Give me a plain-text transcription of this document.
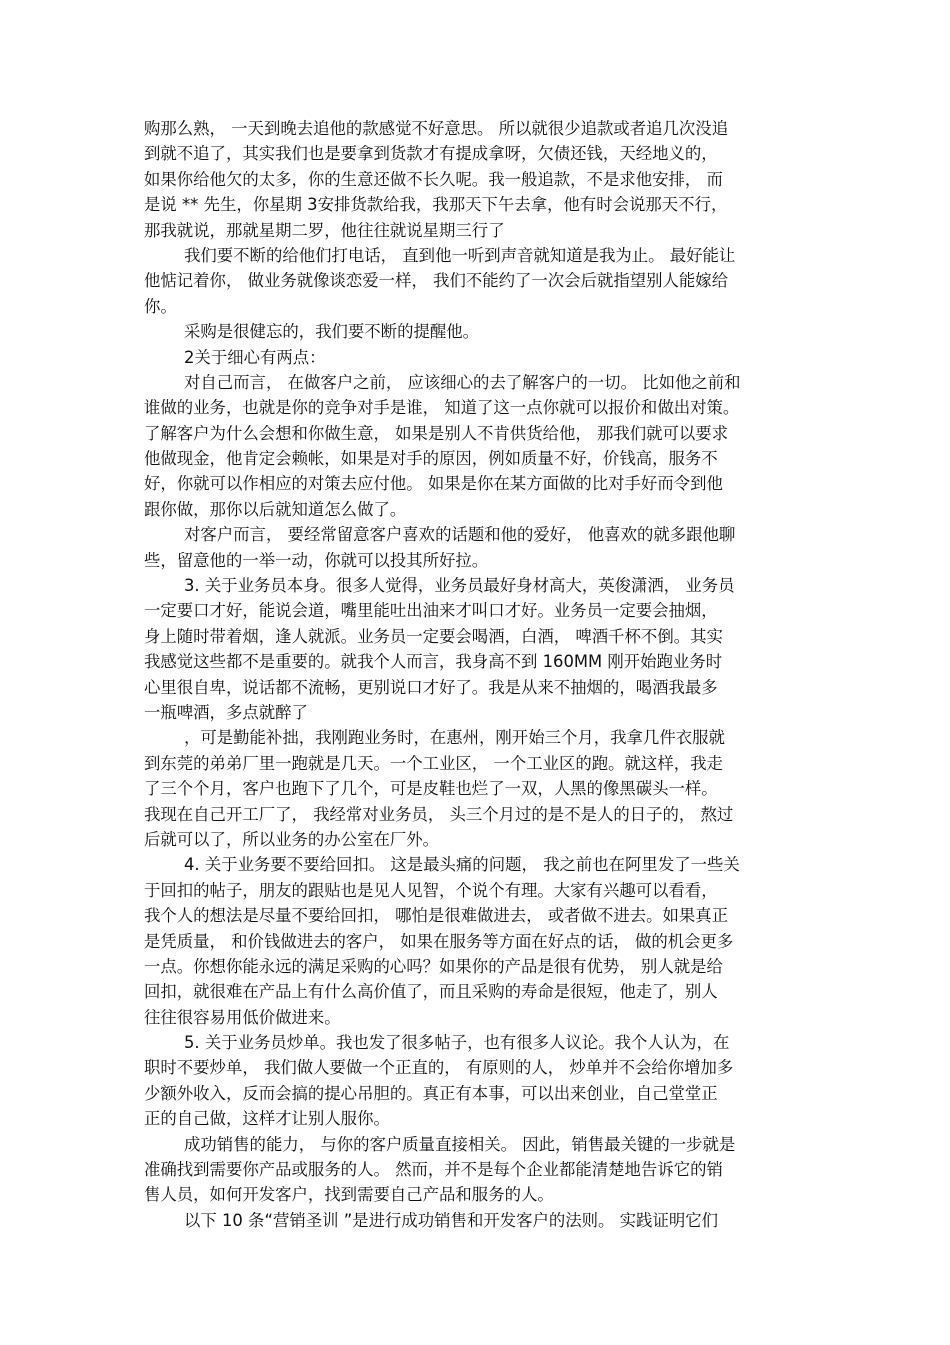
购那么熟， 一天到晚去追他的款感觉不好意思。 所以就很少追款或者追几次没追
到就不追了，其实我们也是要拿到货款才有提成拿呀，欠债还钱，天经地义的，
如果你给他欠的太多，你的生意还做不长久呢。我一般追款，不是求他安排， 而
是说 ** 先生，你星期 3安排货款给我，我那天下午去拿，他有时会说那天不行，
那我就说，那就星期二罗，他往往就说星期三行了
我们要不断的给他们打电话， 直到他一听到声音就知道是我为止。 最好能让
他惦记着你， 做业务就像谈恋爱一样， 我们不能约了一次会后就指望别人能嫁给
你。
采购是很健忘的，我们要不断的提醒他。
2关于细心有两点：
对自己而言， 在做客户之前， 应该细心的去了解客户的一切。 比如他之前和
谁做的业务，也就是你的竞争对手是谁， 知道了这一点你就可以报价和做出对策。
了解客户为什么会想和你做生意， 如果是别人不肯供货给他， 那我们就可以要求
他做现金，他肯定会赖帐，如果是对手的原因，例如质量不好，价钱高，服务不
好，你就可以作相应的对策去应付他。 如果是你在某方面做的比对手好而令到他
跟你做，那你以后就知道怎么做了。
对客户而言， 要经常留意客户喜欢的话题和他的爱好， 他喜欢的就多跟他聊
些，留意他的一举一动，你就可以投其所好拉。
3. 关于业务员本身。很多人觉得，业务员最好身材高大，英俊潇洒， 业务员
一定要口才好，能说会道，嘴里能吐出油来才叫口才好。业务员一定要会抽烟，
身上随时带着烟，逢人就派。业务员一定要会喝酒，白酒， 啤酒千杯不倒。其实
我感觉这些都不是重要的。就我个人而言，我身高不到 160MM 刚开始跑业务时
心里很自卑，说话都不流畅，更别说口才好了。我是从来不抽烟的，喝酒我最多
一瓶啤酒，多点就醉了
，可是勤能补拙，我刚跑业务时，在惠州，刚开始三个月，我拿几件衣服就
到东莞的弟弟厂里一跑就是几天。一个工业区， 一个工业区的跑。就这样，我走
了三个个月，客户也跑下了几个，可是皮鞋也烂了一双，人黑的像黑碳头一样。
我现在自己开工厂了， 我经常对业务员， 头三个月过的是不是人的日子的， 熬过
后就可以了，所以业务的办公室在厂外。
4. 关于业务要不要给回扣。 这是最头痛的问题， 我之前也在阿里发了一些关
于回扣的帖子，朋友的跟贴也是见人见智，个说个有理。大家有兴趣可以看看，
我个人的想法是尽量不要给回扣， 哪怕是很难做进去， 或者做不进去。如果真正
是凭质量， 和价钱做进去的客户， 如果在服务等方面在好点的话， 做的机会更多
一点。你想你能永远的满足采购的心吗？如果你的产品是很有优势， 别人就是给
回扣，就很难在产品上有什么高价值了，而且采购的寿命是很短，他走了，别人
往往很容易用低价做进来。
5. 关于业务员炒单。我也发了很多帖子，也有很多人议论。我个人认为，在
职时不要炒单， 我们做人要做一个正直的， 有原则的人， 炒单并不会给你增加多
少额外收入，反而会搞的提心吊胆的。真正有本事，可以出来创业，自己堂堂正
正的自己做，这样才让别人服你。
成功销售的能力， 与你的客户质量直接相关。 因此，销售最关键的一步就是
准确找到需要你产品或服务的人。 然而，并不是每个企业都能清楚地告诉它的销
售人员，如何开发客户，找到需要自己产品和服务的人。
以下 10 条“营销圣训 ”是进行成功销售和开发客户的法则。 实践证明它们
